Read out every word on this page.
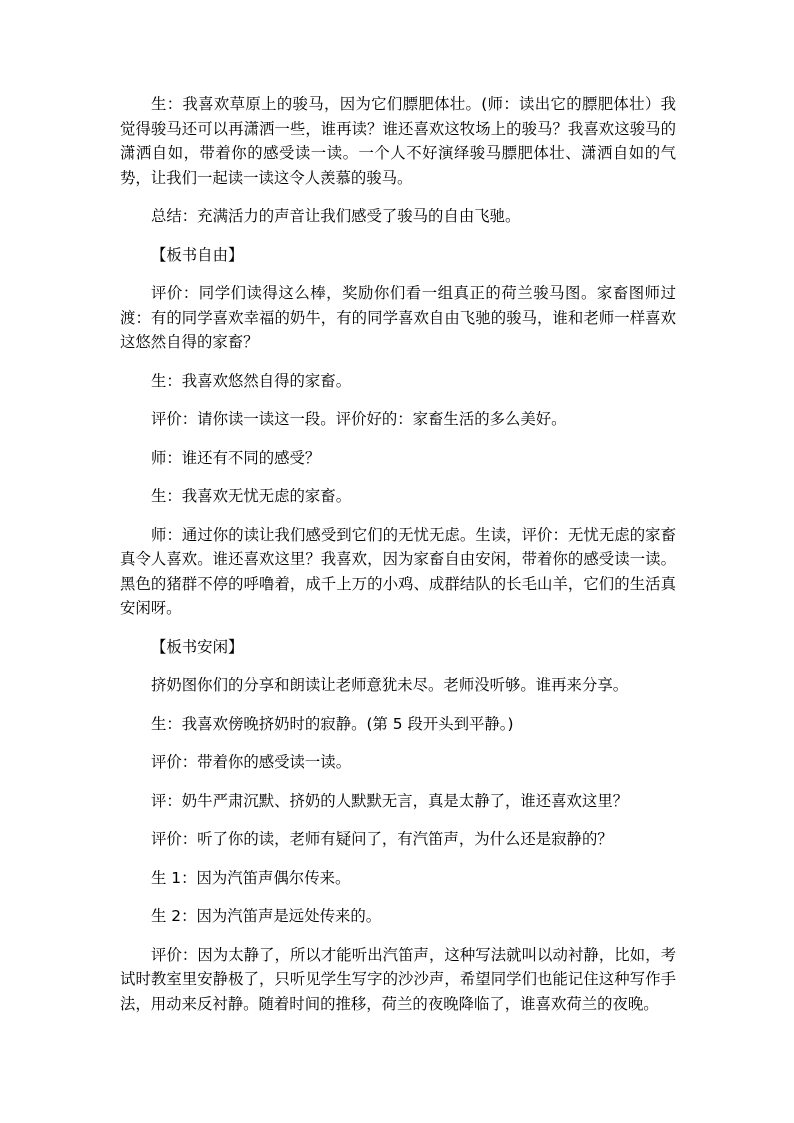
生：我喜欢草原上的骏马，因为它们膘肥体壮。(师：读出它的膘肥体壮）我觉得骏马还可以再潇洒一些，谁再读？谁还喜欢这牧场上的骏马？我喜欢这骏马的潇洒自如，带着你的感受读一读。一个人不好演绎骏马膘肥体壮、潇洒自如的气势，让我们一起读一读这令人羡慕的骏马。

总结：充满活力的声音让我们感受了骏马的自由飞驰。

【板书自由】

评价：同学们读得这么棒，奖励你们看一组真正的荷兰骏马图。家畜图师过渡：有的同学喜欢幸福的奶牛，有的同学喜欢自由飞驰的骏马，谁和老师一样喜欢这悠然自得的家畜？

生：我喜欢悠然自得的家畜。

评价：请你读一读这一段。评价好的：家畜生活的多么美好。

师：谁还有不同的感受？

生：我喜欢无忧无虑的家畜。

师：通过你的读让我们感受到它们的无忧无虑。生读，评价：无忧无虑的家畜真令人喜欢。谁还喜欢这里？我喜欢，因为家畜自由安闲，带着你的感受读一读。黑色的猪群不停的呼噜着，成千上万的小鸡、成群结队的长毛山羊，它们的生活真安闲呀。

【板书安闲】

挤奶图你们的分享和朗读让老师意犹未尽。老师没听够。谁再来分享。

生：我喜欢傍晚挤奶时的寂静。(第 5 段开头到平静。)

评价：带着你的感受读一读。

评：奶牛严肃沉默、挤奶的人默默无言，真是太静了，谁还喜欢这里？

评价：听了你的读，老师有疑问了，有汽笛声，为什么还是寂静的？

生 1：因为汽笛声偶尔传来。

生 2：因为汽笛声是远处传来的。

评价：因为太静了，所以才能听出汽笛声，这种写法就叫以动衬静，比如，考试时教室里安静极了，只听见学生写字的沙沙声，希望同学们也能记住这种写作手法，用动来反衬静。随着时间的推移，荷兰的夜晚降临了，谁喜欢荷兰的夜晚。
